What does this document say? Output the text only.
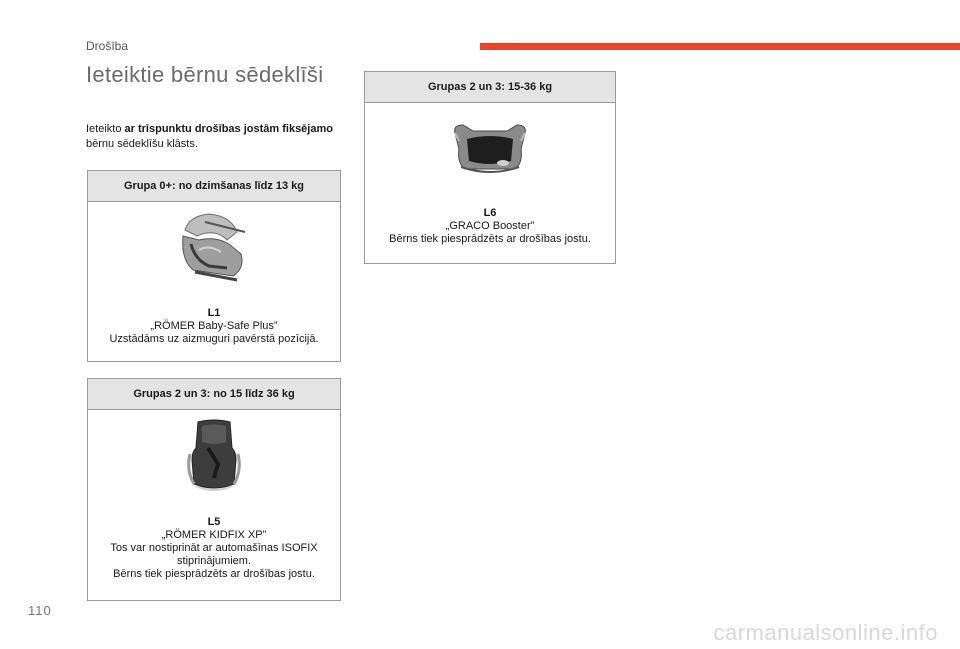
Drošība
Ieteiktie bērnu sēdeklīši
Ieteikto ar trīspunktu drošības jostām fiksējamo bērnu sēdeklīšu klāsts.
Grupa 0+: no dzimšanas līdz 13 kg
L1
„RÖMER Baby-Safe Plus”
Uzstādāms uz aizmuguri pavērstā pozīcijā.
Grupas 2 un 3: no 15 līdz 36 kg
L5
„RÖMER KIDFIX XP”
Tos var nostiprināt ar automašīnas ISOFIX stiprinājumiem.
Bērns tiek piesprādzēts ar drošības jostu.
Grupas 2 un 3: 15-36 kg
L6
„GRACO Booster”
Bērns tiek piesprādzēts ar drošības jostu.
110
carmanualsonline.info
